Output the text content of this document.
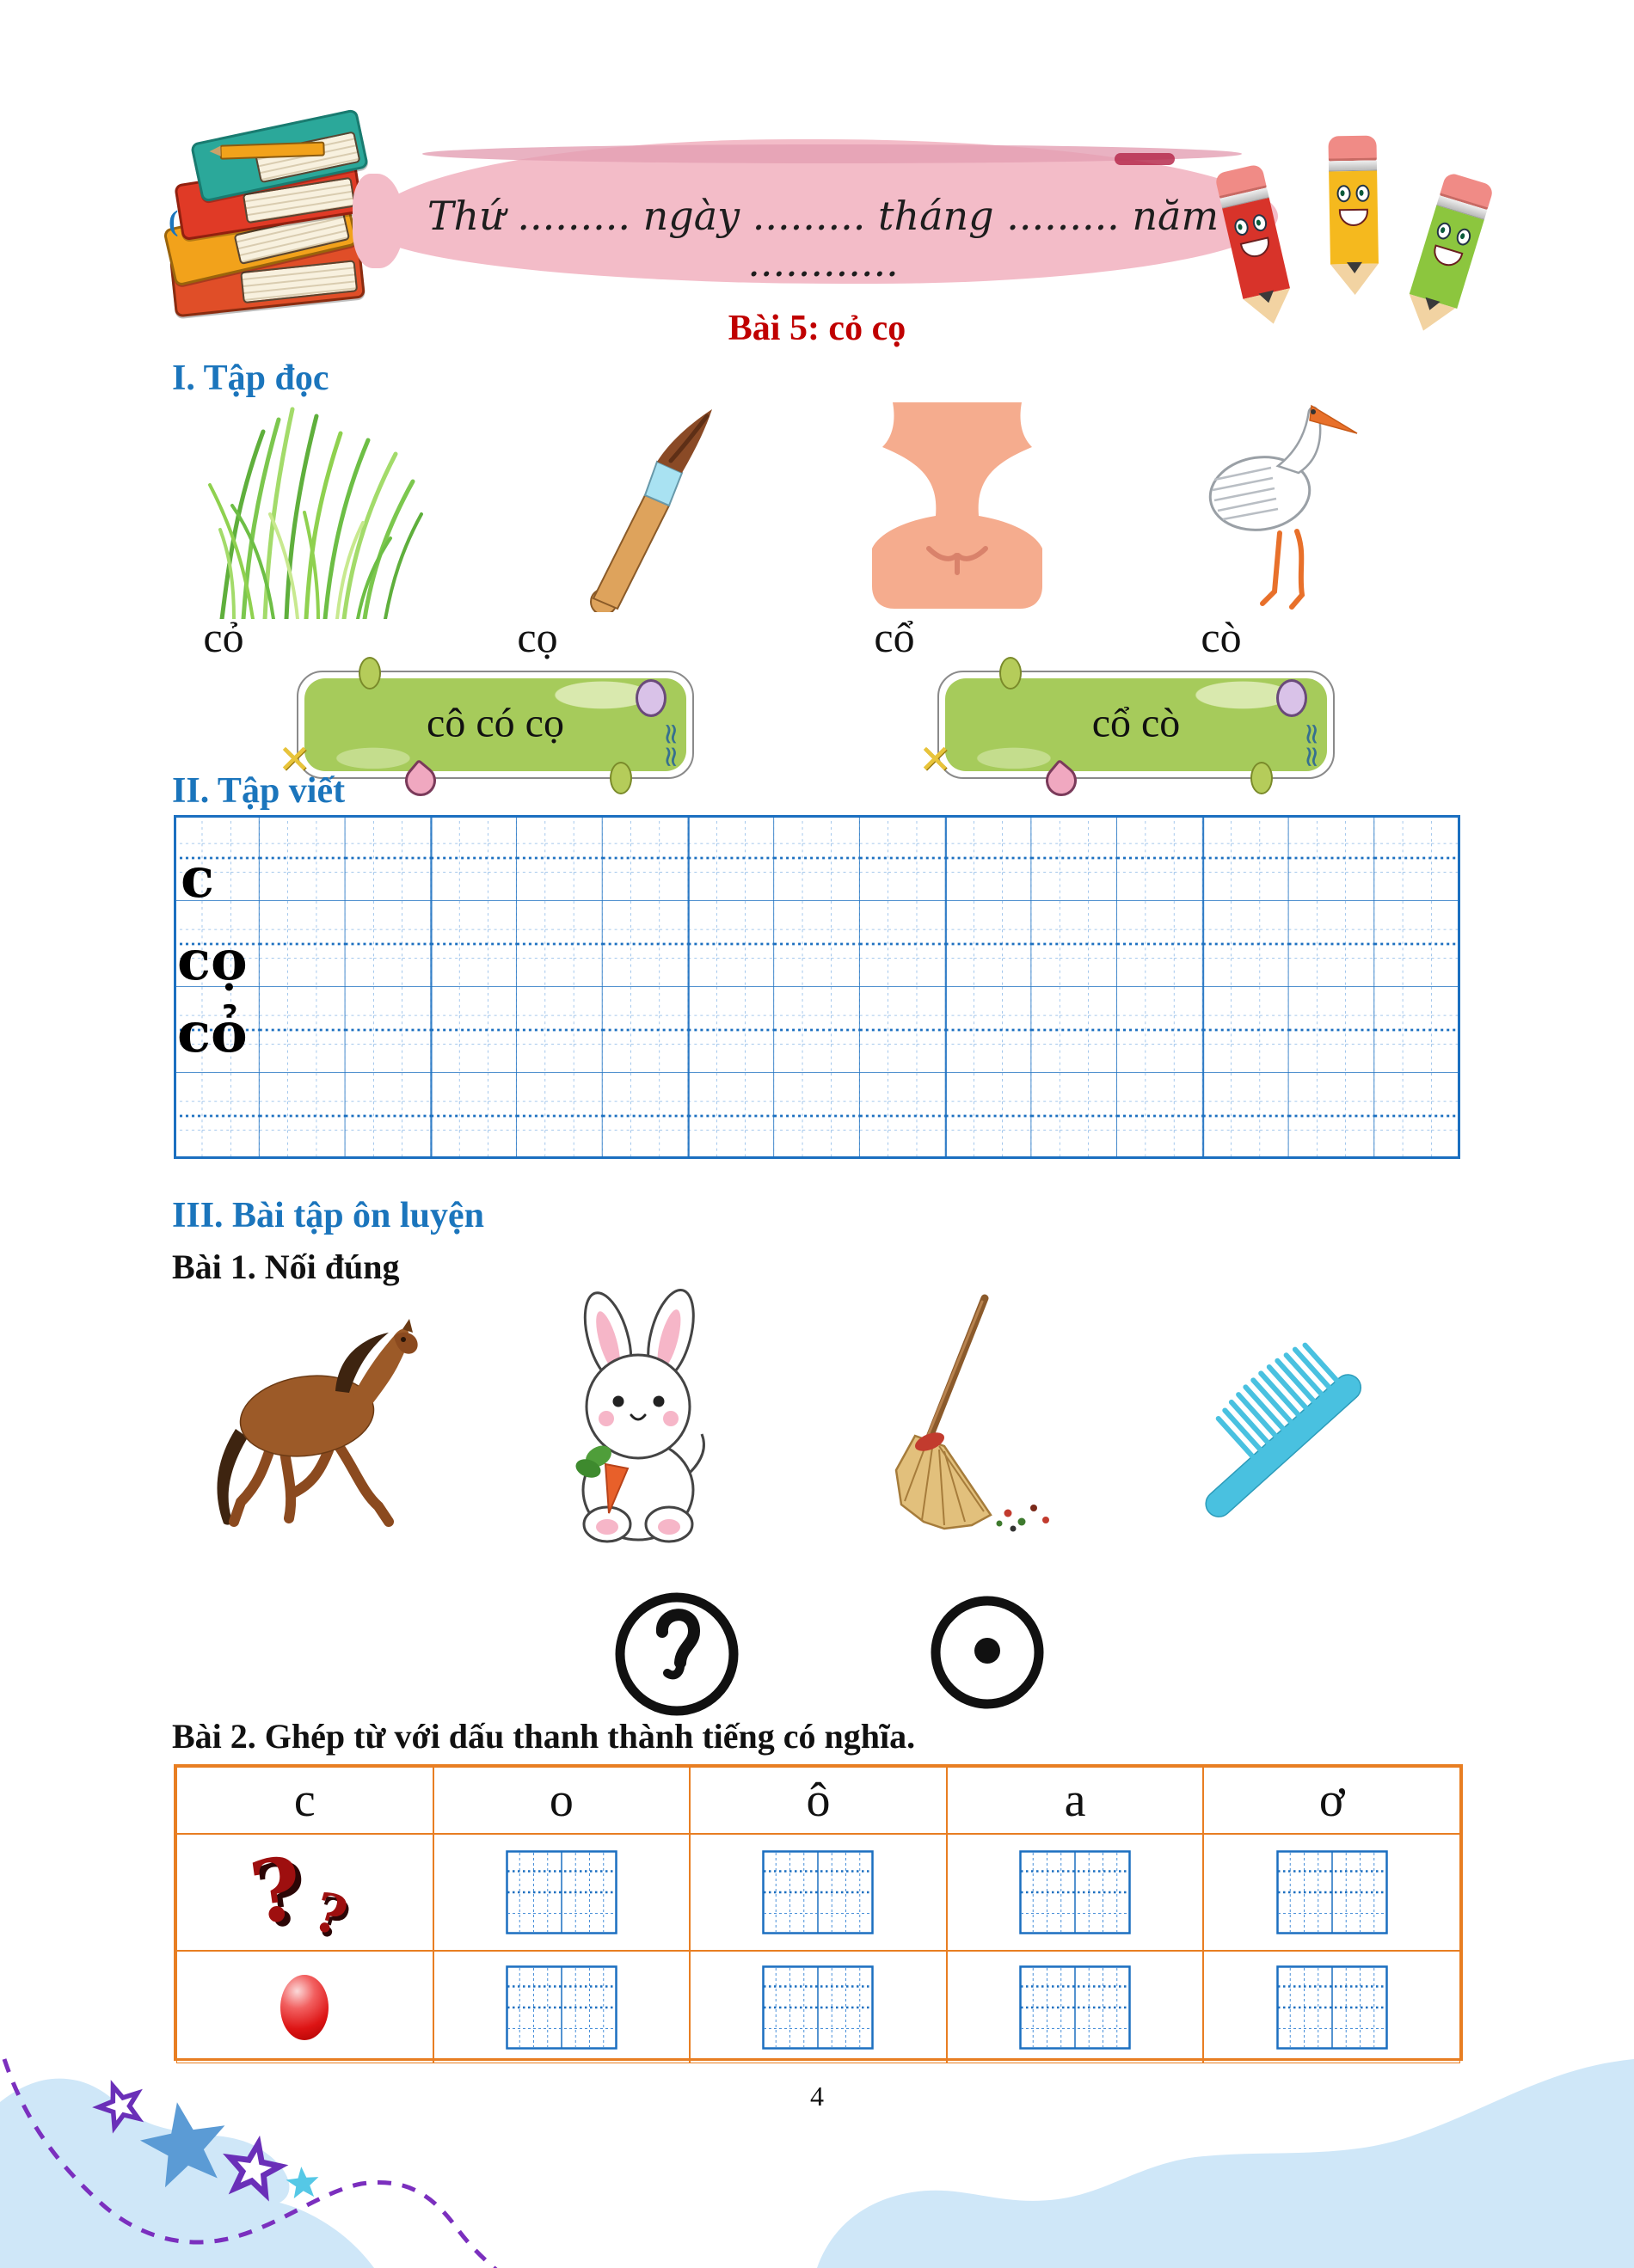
(	Thứ ......... ngày ......... tháng ......... năm ............
Bài 5: cỏ cọ
I. Tập đọc
cỏ	cọ	cổ	cò
cô có cọ
✕	≈≈	cổ cò
✕	≈≈
II. Tập viết
c
cọ
cỏ
III. Bài tập ôn luyện
Bài 1. Nối đúng
Bài 2. Ghép từ với dấu thanh thành tiếng có nghĩa.
c	o	ô	a	ơ
?
?
4
